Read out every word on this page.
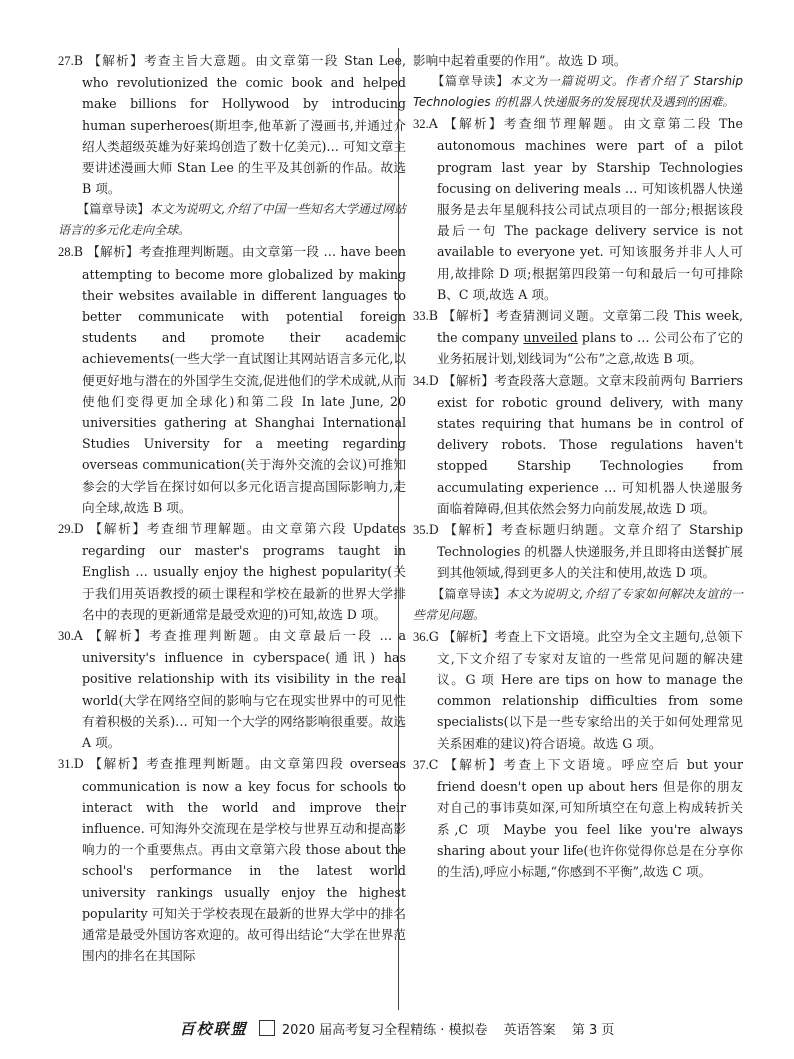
27.B 【解析】考查主旨大意题。由文章第一段 Stan Lee, who revolutionized the comic book and helped make billions for Hollywood by introducing human superheroes(斯坦李,他革新了漫画书,并通过介绍人类超级英雄为好莱坞创造了数十亿美元)… 可知文章主要讲述漫画大师 Stan Lee 的生平及其创新的作品。故选 B 项。

【篇章导读】本文为说明文,介绍了中国一些知名大学通过网站语言的多元化走向全球。

28.B 【解析】考查推理判断题。由文章第一段 … have been attempting to become more globalized by making their websites available in different languages to better communicate with potential foreign students and promote their academic achievements(一些大学一直试图让其网站语言多元化,以便更好地与潜在的外国学生交流,促进他们的学术成就,从而使他们变得更加全球化)和第二段 In late June, 20 universities gathering at Shanghai International Studies University for a meeting regarding overseas communication(关于海外交流的会议)可推知参会的大学旨在探讨如何以多元化语言提高国际影响力,走向全球,故选 B 项。

29.D 【解析】考查细节理解题。由文章第六段 Updates regarding our master's programs taught in English … usually enjoy the highest popularity(关于我们用英语教授的硕士课程和学校在最新的世界大学排名中的表现的更新通常是最受欢迎的)可知,故选 D 项。

30.A 【解析】考查推理判断题。由文章最后一段 … a university's influence in cyberspace(通讯) has positive relationship with its visibility in the real world(大学在网络空间的影响与它在现实世界中的可见性有着积极的关系)… 可知一个大学的网络影响很重要。故选 A 项。

31.D 【解析】考查推理判断题。由文章第四段 overseas communication is now a key focus for schools to interact with the world and improve their influence. 可知海外交流现在是学校与世界互动和提高影响力的一个重要焦点。再由文章第六段 those about the school's performance in the latest world university rankings usually enjoy the highest popularity 可知关于学校表现在最新的世界大学中的排名通常是最受外国访客欢迎的。故可得出结论“大学在世界范围内的排名在其国际

影响中起着重要的作用”。故选 D 项。

【篇章导读】本文为一篇说明文。作者介绍了 Starship Technologies 的机器人快递服务的发展现状及遇到的困难。

32.A 【解析】考查细节理解题。由文章第二段 The autonomous machines were part of a pilot program last year by Starship Technologies focusing on delivering meals … 可知该机器人快递服务是去年星舰科技公司试点项目的一部分;根据该段最后一句 The package delivery service is not available to everyone yet. 可知该服务并非人人可用,故排除 D 项;根据第四段第一句和最后一句可排除 B、C 项,故选 A 项。

33.B 【解析】考查猜测词义题。文章第二段 This week, the company unveiled plans to … 公司公布了它的业务拓展计划,划线词为“公布”之意,故选 B 项。

34.D 【解析】考查段落大意题。文章末段前两句 Barriers exist for robotic ground delivery, with many states requiring that humans be in control of delivery robots. Those regulations haven't stopped Starship Technologies from accumulating experience … 可知机器人快递服务面临着障碍,但其依然会努力向前发展,故选 D 项。

35.D 【解析】考查标题归纳题。文章介绍了 Starship Technologies 的机器人快递服务,并且即将由送餐扩展到其他领域,得到更多人的关注和使用,故选 D 项。

【篇章导读】本文为说明文,介绍了专家如何解决友谊的一些常见问题。

36.G 【解析】考查上下文语境。此空为全文主题句,总领下文,下文介绍了专家对友谊的一些常见问题的解决建议。G 项 Here are tips on how to manage the common relationship difficulties from some specialists(以下是一些专家给出的关于如何处理常见关系困难的建议)符合语境。故选 G 项。

37.C 【解析】考查上下文语境。呼应空后 but your friend doesn't open up about hers 但是你的朋友对自己的事讳莫如深,可知所填空在句意上构成转折关系,C 项 Maybe you feel like you're always sharing about your life(也许你觉得你总是在分享你的生活),呼应小标题,“你感到不平衡”,故选 C 项。

百校联盟	2020 届高考复习全程精练 · 模拟卷 英语答案 第 3 页
